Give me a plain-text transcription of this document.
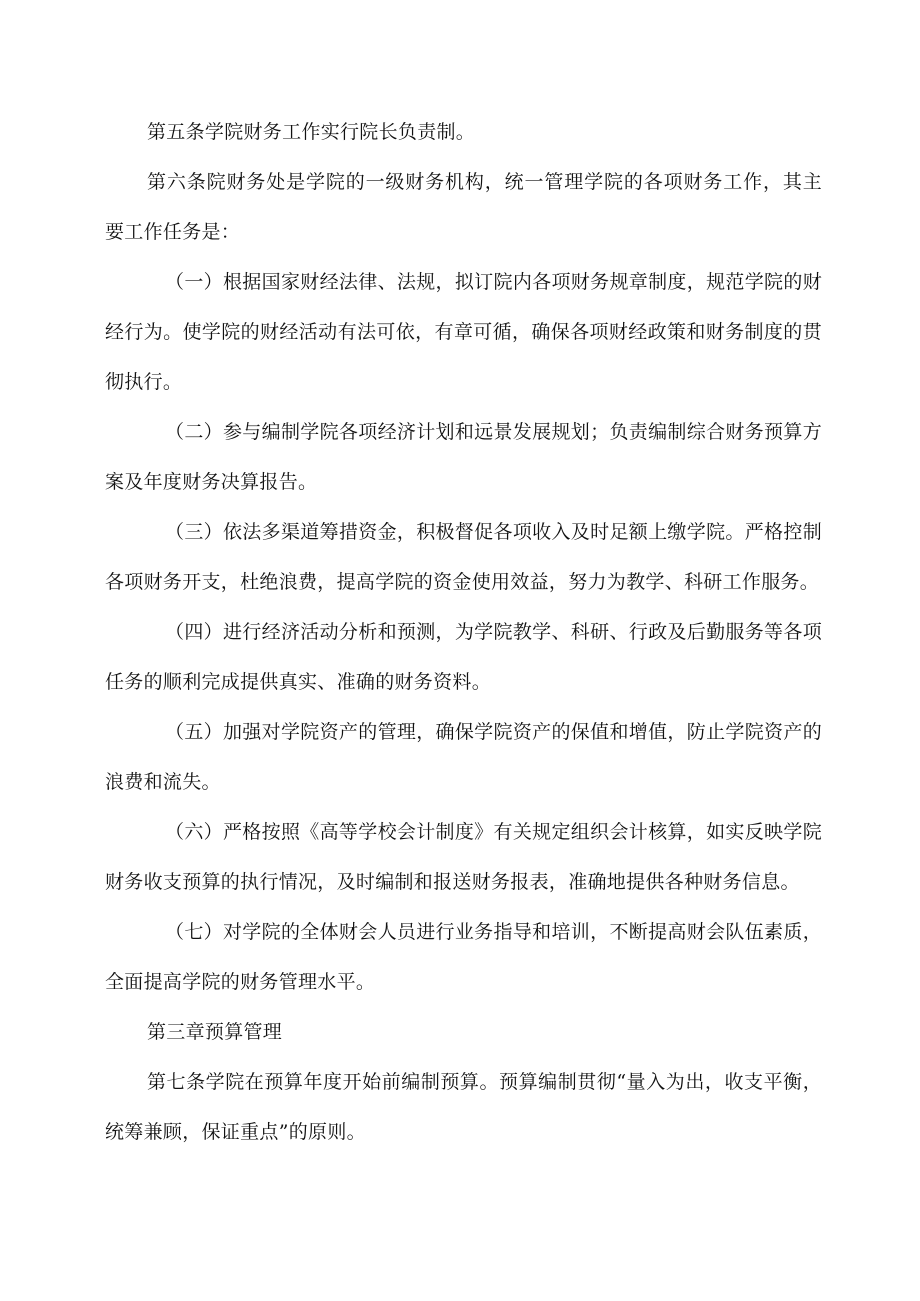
第五条学院财务工作实行院长负责制。

第六条院财务处是学院的一级财务机构，统一管理学院的各项财务工作，其主要工作任务是：

（一）根据国家财经法律、法规，拟订院内各项财务规章制度，规范学院的财经行为。使学院的财经活动有法可依，有章可循，确保各项财经政策和财务制度的贯彻执行。

（二）参与编制学院各项经济计划和远景发展规划；负责编制综合财务预算方案及年度财务决算报告。

（三）依法多渠道筹措资金，积极督促各项收入及时足额上缴学院。严格控制各项财务开支，杜绝浪费，提高学院的资金使用效益，努力为教学、科研工作服务。

（四）进行经济活动分析和预测，为学院教学、科研、行政及后勤服务等各项任务的顺利完成提供真实、准确的财务资料。

（五）加强对学院资产的管理，确保学院资产的保值和增值，防止学院资产的浪费和流失。

（六）严格按照《高等学校会计制度》有关规定组织会计核算，如实反映学院财务收支预算的执行情况，及时编制和报送财务报表，准确地提供各种财务信息。

（七）对学院的全体财会人员进行业务指导和培训，不断提高财会队伍素质，全面提高学院的财务管理水平。

第三章预算管理

第七条学院在预算年度开始前编制预算。预算编制贯彻“量入为出，收支平衡，统筹兼顾，保证重点”的原则。
